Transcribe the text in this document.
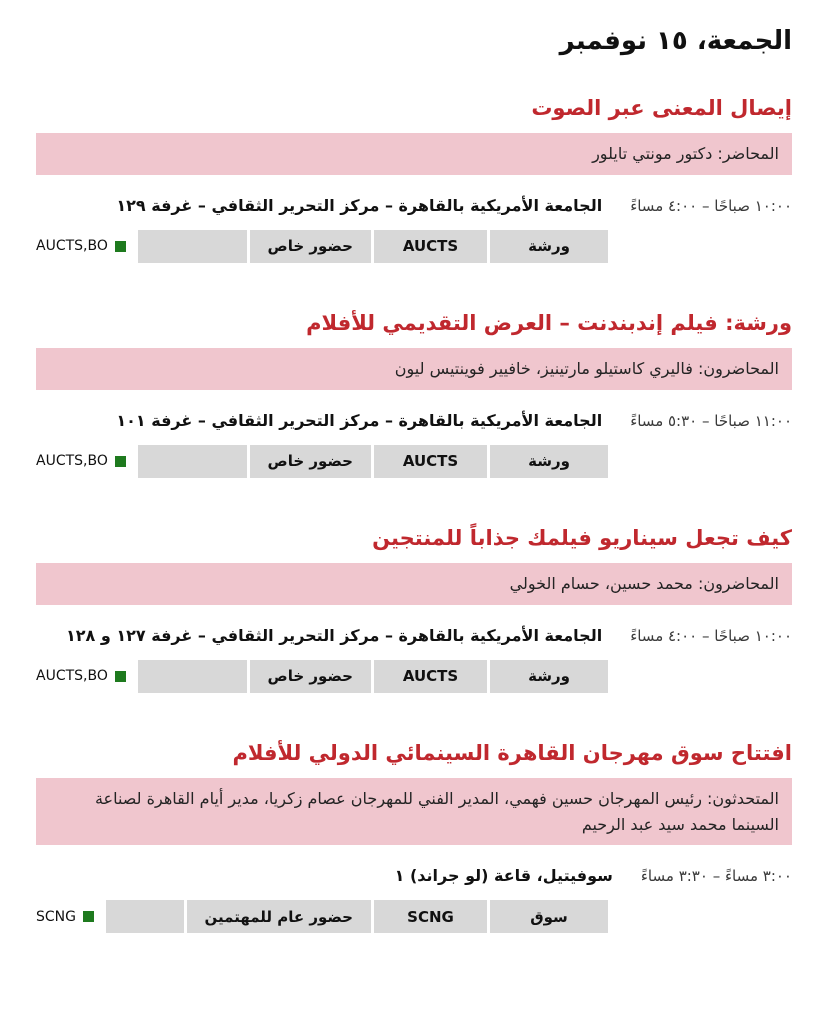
الجمعة، ١٥ نوفمبر
إيصال المعنى عبر الصوت
المحاضر: دكتور مونتي تايلور
١٠:٠٠ صباحًا – ٤:٠٠ مساءً
الجامعة الأمريكية بالقاهرة – مركز التحرير الثقافي – غرفة ١٢٩
ورشة
AUCTS
حضور خاص
AUCTS,BO
ورشة: فيلم إندبندنت – العرض التقديمي للأفلام
المحاضرون: فاليري كاستيلو مارتينيز، خافيير فوينتيس ليون
١١:٠٠ صباحًا – ٥:٣٠ مساءً
الجامعة الأمريكية بالقاهرة – مركز التحرير الثقافي – غرفة ١٠١
ورشة
AUCTS
حضور خاص
AUCTS,BO
كيف تجعل سيناريو فيلمك جذاباً للمنتجين
المحاضرون: محمد حسين، حسام الخولي
١٠:٠٠ صباحًا – ٤:٠٠ مساءً
الجامعة الأمريكية بالقاهرة – مركز التحرير الثقافي – غرفة ١٢٧ و ١٢٨
ورشة
AUCTS
حضور خاص
AUCTS,BO
افتتاح سوق مهرجان القاهرة السينمائي الدولي للأفلام
المتحدثون: رئيس المهرجان حسين فهمي، المدير الفني للمهرجان عصام زكريا، مدير أيام القاهرة لصناعة السينما محمد سيد عبد الرحيم
٣:٠٠ مساءً – ٣:٣٠ مساءً
سوفيتيل، قاعة (لو جراند) ١
سوق
SCNG
حضور عام للمهتمين
SCNG
